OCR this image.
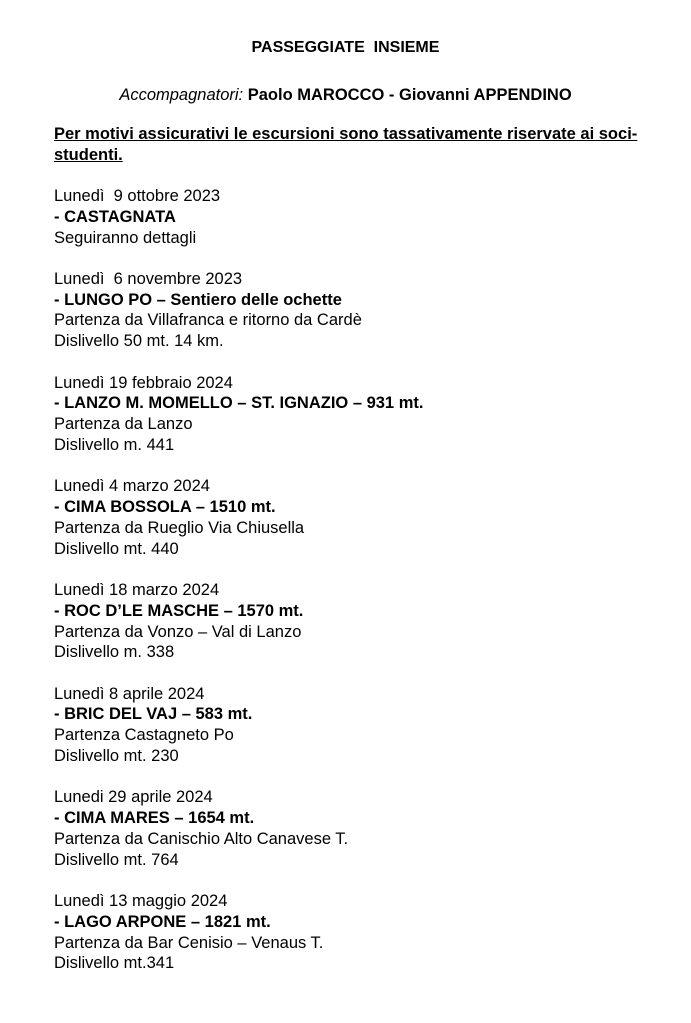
PASSEGGIATE  INSIEME

Accompagnatori: Paolo MAROCCO - Giovanni APPENDINO

Per motivi assicurativi le escursioni sono tassativamente riservate ai soci-studenti.

Lunedì  9 ottobre 2023
- CASTAGNATA
Seguiranno dettagli
Lunedì  6 novembre 2023
- LUNGO PO – Sentiero delle ochette
Partenza da Villafranca e ritorno da Cardè
Dislivello 50 mt. 14 km.
Lunedì 19 febbraio 2024
- LANZO M. MOMELLO – ST. IGNAZIO – 931 mt.
Partenza da Lanzo
Dislivello m. 441
Lunedì 4 marzo 2024
- CIMA BOSSOLA – 1510 mt.
Partenza da Rueglio Via Chiusella
Dislivello mt. 440
Lunedì 18 marzo 2024
- ROC D’LE MASCHE – 1570 mt.
Partenza da Vonzo – Val di Lanzo
Dislivello m. 338
Lunedì 8 aprile 2024
- BRIC DEL VAJ – 583 mt.
Partenza Castagneto Po
Dislivello mt. 230
Lunedi 29 aprile 2024
- CIMA MARES – 1654 mt.
Partenza da Canischio Alto Canavese T.
Dislivello mt. 764
Lunedì 13 maggio 2024
- LAGO ARPONE – 1821 mt.
Partenza da Bar Cenisio – Venaus T.
Dislivello mt.341
